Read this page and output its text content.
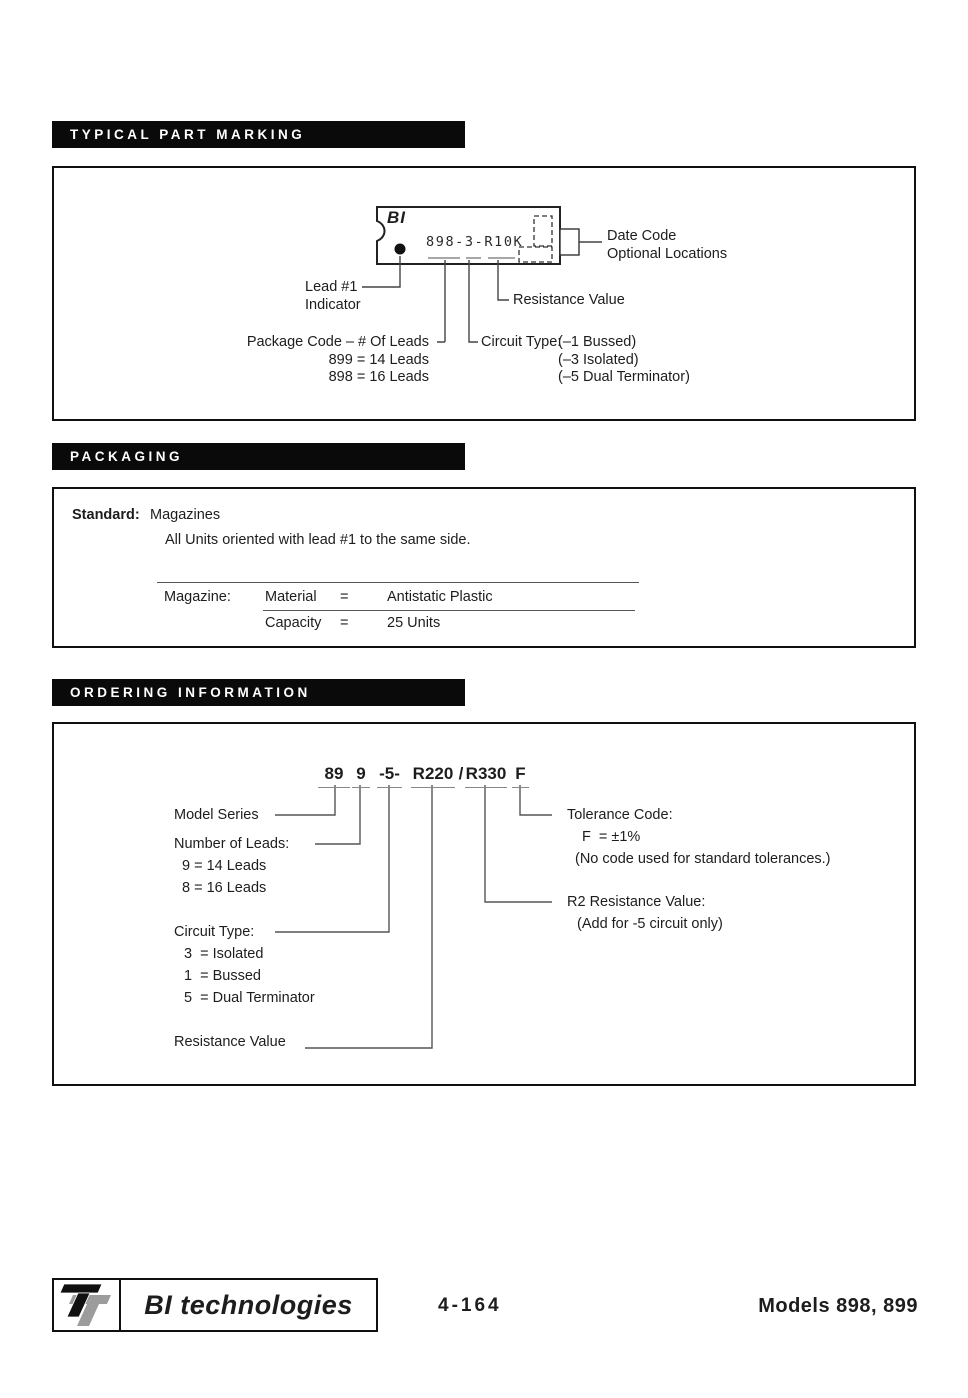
TYPICAL PART MARKING
BI
898-3-R10K	Date Code
Optional Locations
Lead #1
Indicator	Resistance Value
Package Code – # Of Leads
899 = 14 Leads
898 = 16 Leads
Circuit Type:
(–1 Bussed)
(–3 Isolated)
(–5 Dual Terminator)
PACKAGING
Standard: Magazines
All Units oriented with lead #1 to the same side.
Magazine: Material =	Antistatic Plastic
Capacity =	25 Units
ORDERING INFORMATION
89 9 -5- R220 / R330 F
Model Series
Number of Leads:
9 = 14 Leads
8 = 16 Leads
Circuit Type:
3  = Isolated
1  = Bussed
5  = Dual Terminator
Resistance Value
Tolerance Code:
F  = ±1%
(No code used for standard tolerances.)
R2 Resistance Value:
(Add for -5 circuit only)
BI technologies	4-164	Models 898, 899
